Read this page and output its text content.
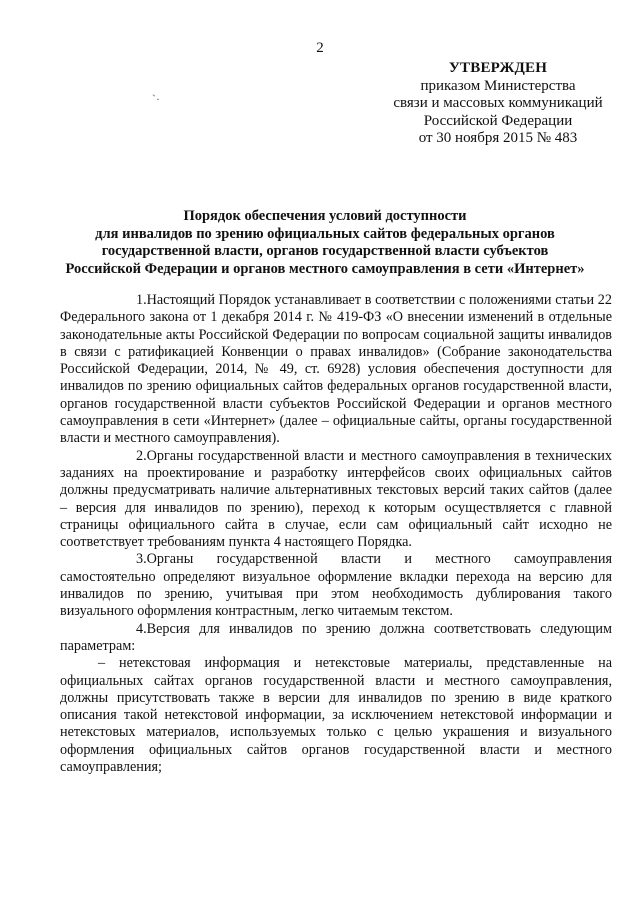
2
`·
УТВЕРЖДЕН
приказом Министерства
связи и массовых коммуникаций
Российской Федерации
от 30 ноября 2015 № 483
Порядок обеспечения условий доступности
для инвалидов по зрению официальных сайтов федеральных органов
государственной власти, органов государственной власти субъектов
Российской Федерации и органов местного самоуправления в сети «Интернет»

1.Настоящий Порядок устанавливает в соответствии с положениями статьи 22 Федерального закона от 1 декабря 2014 г. № 419-ФЗ «О внесении изменений в отдельные законодательные акты Российской Федерации по вопросам социальной защиты инвалидов в связи с ратификацией Конвенции о правах инвалидов» (Собрание законодательства Российской Федерации, 2014, № 49, ст. 6928) условия обеспечения доступности для инвалидов по зрению официальных сайтов федеральных органов государственной власти, органов государственной власти субъектов Российской Федерации и органов местного самоуправления в сети «Интернет» (далее – официальные сайты, органы государственной власти и местного самоуправления).

2.Органы государственной власти и местного самоуправления в технических заданиях на проектирование и разработку интерфейсов своих официальных сайтов должны предусматривать наличие альтернативных текстовых версий таких сайтов (далее – версия для инвалидов по зрению), переход к которым осуществляется с главной страницы официального сайта в случае, если сам официальный сайт исходно не соответствует требованиям пункта 4 настоящего Порядка.

3.Органы государственной власти и местного самоуправления самостоятельно определяют визуальное оформление вкладки перехода на версию для инвалидов по зрению, учитывая при этом необходимость дублирования такого визуального оформления контрастным, легко читаемым текстом.

4.Версия для инвалидов по зрению должна соответствовать следующим параметрам:

– нетекстовая информация и нетекстовые материалы, представленные на официальных сайтах органов государственной власти и местного самоуправления, должны присутствовать также в версии для инвалидов по зрению в виде краткого описания такой нетекстовой информации, за исключением нетекстовой информации и нетекстовых материалов, используемых только с целью украшения и визуального оформления официальных сайтов органов государственной власти и местного самоуправления;
